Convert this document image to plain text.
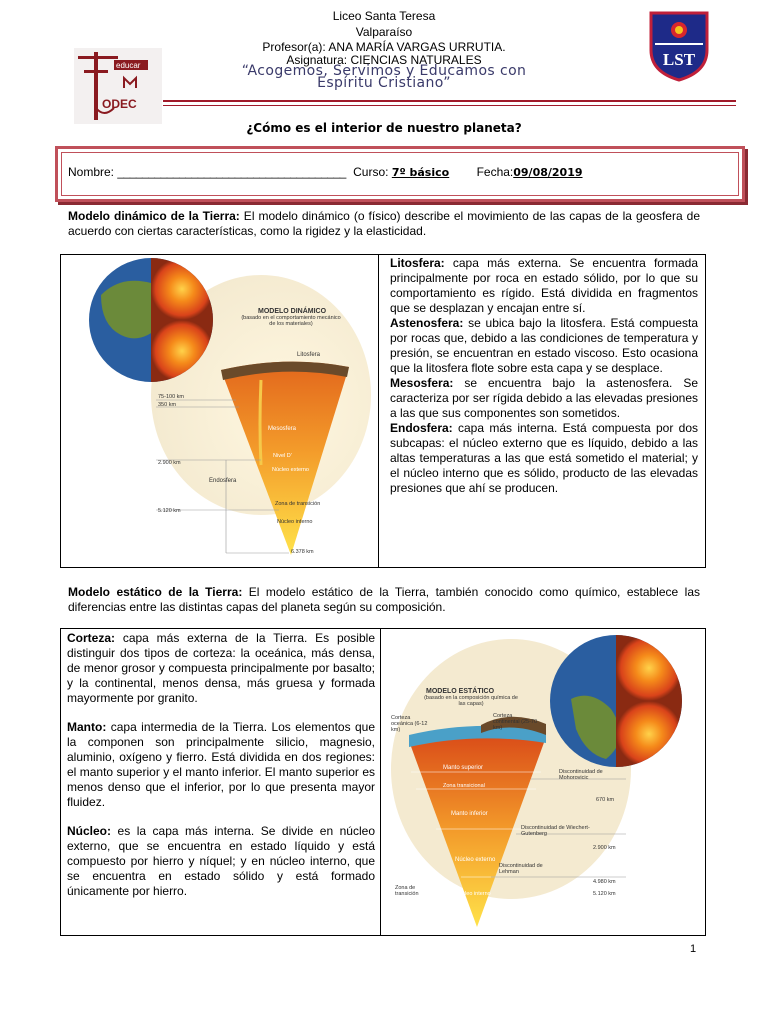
Liceo Santa Teresa
Valparaíso
Profesor(a): ANA MARÍA VARGAS URRUTIA.
Asignatura: CIENCIAS NATURALES
“Acogemos, Servimos y Educamos con
Espíritu Cristiano”
educar
ODEC
LST
¿Cómo es el interior de nuestro planeta?
Nombre: _____________________________________ Curso: 7º básico Fecha:09/08/2019
Modelo dinámico de la Tierra: El modelo dinámico (o físico) describe el movimiento de las capas de la geosfera de acuerdo con ciertas características, como la rigidez y la elasticidad.
MODELO DINÁMICO
(basado en el comportamiento mecánico de los materiales)
Litosfera
75-100 km
350 km
Mesosfera
Nivel D'
2.900 km
Núcleo externo
Endosfera
Zona de transición
5.120 km
Núcleo interno
6.378 km
Litosfera: capa más externa. Se encuentra formada principalmente por roca en estado sólido, por lo que su comportamiento es rígido. Está dividida en fragmentos que se desplazan y encajan entre sí.
Astenosfera: se ubica bajo la litosfera. Está compuesta por rocas que, debido a las condiciones de temperatura y presión, se encuentran en estado viscoso. Esto ocasiona que la litosfera flote sobre esta capa y se desplace.
Mesosfera: se encuentra bajo la astenosfera. Se caracteriza por ser rígida debido a las elevadas presiones a las que sus componentes son sometidos.
Endosfera: capa más interna. Está compuesta por dos subcapas: el núcleo externo que es líquido, debido a las altas temperaturas a las que está sometido el material; y el núcleo interno que es sólido, producto de las elevadas presiones que ahí se producen.
Modelo estático de la Tierra: El modelo estático de la Tierra, también conocido como químico, establece las diferencias entre las distintas capas del planeta según su composición.
Corteza: capa más externa de la Tierra. Es posible distinguir dos tipos de corteza: la oceánica, más densa, de menor grosor y compuesta principalmente por basalto; y la continental, menos densa, más gruesa y formada mayormente por granito.
Manto: capa intermedia de la Tierra. Los elementos que la componen son principalmente silicio, magnesio, aluminio, oxígeno y fierro. Está dividida en dos regiones: el manto superior y el manto inferior. El manto superior es menos denso que el inferior, por lo que presenta mayor fluidez.
Núcleo: es la capa más interna. Se divide en núcleo externo, que se encuentra en estado líquido y está compuesto por hierro y níquel; y en núcleo interno, que se encuentra en estado sólido y está formado únicamente por hierro.
MODELO ESTÁTICO
(basado en la composición química de las capas)
Corteza oceánica (6-12 km)
Corteza continental (25-70 km)
Manto superior
Zona transicional
Discontinuidad de Mohorovicic
670 km
Manto inferior
Discontinuidad de Wiechert-Gutenberg
2.900 km
Núcleo externo
Discontinuidad de Lehman
4.980 km
5.120 km
Zona de transición	Núcleo interno
1
